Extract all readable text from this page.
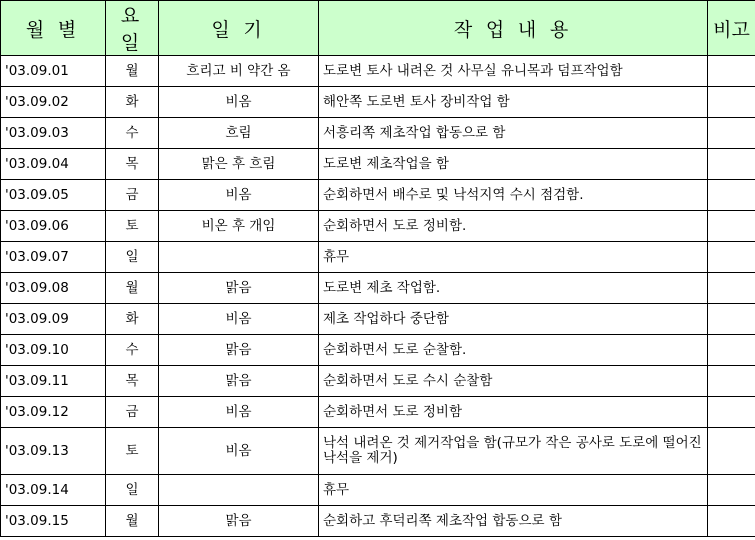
월 별	요일	일 기	작 업 내 용	비고
'03.09.01	월	흐리고 비 약간 옴	도로변 토사 내려온 것 사무실 유니목과 덤프작업함	
'03.09.02	화	비옴	해안쪽 도로변 토사 장비작업 함	
'03.09.03	수	흐림	서흥리쪽 제초작업 합동으로 함	
'03.09.04	목	맑은 후 흐림	도로변 제초작업을 함	
'03.09.05	금	비옴	순회하면서 배수로 및 낙석지역 수시 점검함.	
'03.09.06	토	비온 후 개임	순회하면서 도로 정비함.	
'03.09.07	일		휴무	
'03.09.08	월	맑음	도로변 제초 작업함.	
'03.09.09	화	비옴	제초 작업하다 중단함	
'03.09.10	수	맑음	순회하면서 도로 순찰함.	
'03.09.11	목	맑음	순회하면서 도로 수시 순찰함	
'03.09.12	금	비옴	순회하면서 도로 정비함	
'03.09.13	토	비옴	낙석 내려온 것 제거작업을 함(규모가 작은 공사로 도로에 떨어진 낙석을 제거)	
'03.09.14	일		휴무	
'03.09.15	월	맑음	순회하고 후덕리쪽 제초작업 합동으로 함	
